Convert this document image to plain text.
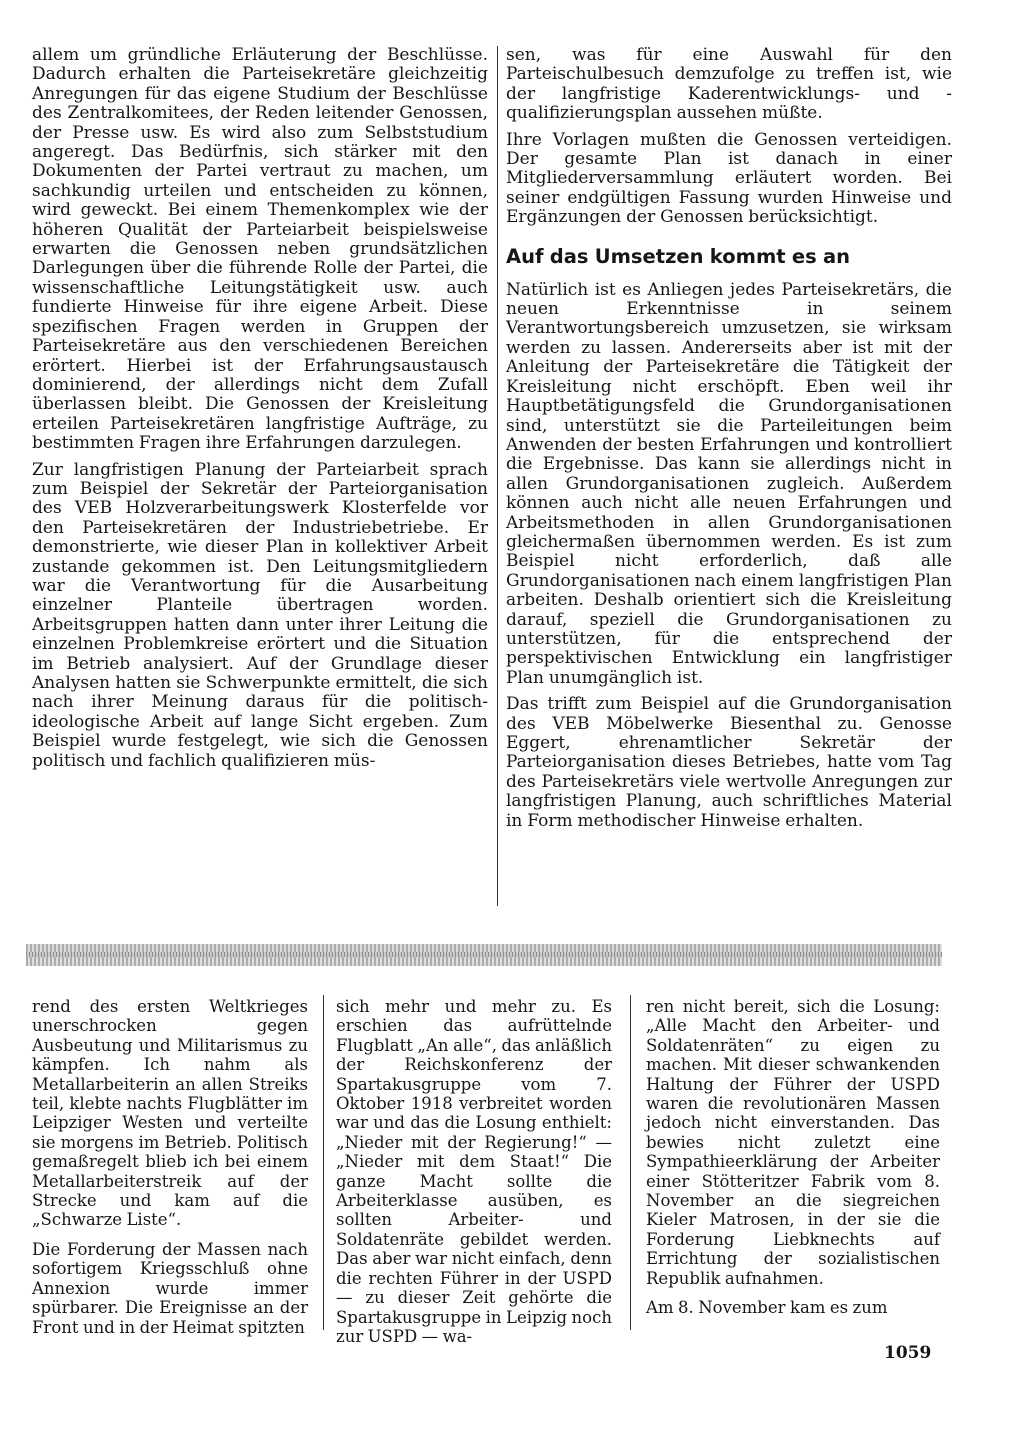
allem um gründliche Erläuterung der Beschlüsse. Dadurch erhalten die Parteisekretäre gleichzeitig Anregungen für das eigene Studium der Beschlüsse des Zentralkomitees, der Reden leitender Genossen, der Presse usw. Es wird also zum Selbststudium angeregt. Das Bedürfnis, sich stärker mit den Dokumenten der Partei vertraut zu machen, um sachkundig urteilen und entscheiden zu können, wird geweckt. Bei einem Themenkomplex wie der höheren Qualität der Parteiarbeit beispielsweise erwarten die Genossen neben grundsätzlichen Darlegungen über die führende Rolle der Partei, die wissenschaftliche Leitungstätigkeit usw. auch fundierte Hinweise für ihre eigene Arbeit. Diese spezifischen Fragen werden in Gruppen der Parteisekretäre aus den verschiedenen Bereichen erörtert. Hierbei ist der Erfahrungsaustausch dominierend, der allerdings nicht dem Zufall überlassen bleibt. Die Genossen der Kreisleitung erteilen Parteisekretären langfristige Aufträge, zu bestimmten Fragen ihre Erfahrungen darzulegen.

Zur langfristigen Planung der Parteiarbeit sprach zum Beispiel der Sekretär der Parteiorganisation des VEB Holzverarbeitungswerk Klosterfelde vor den Parteisekretären der Industriebetriebe. Er demonstrierte, wie dieser Plan in kollektiver Arbeit zustande gekommen ist. Den Leitungsmitgliedern war die Verantwortung für die Ausarbeitung einzelner Planteile übertragen worden. Arbeitsgruppen hatten dann unter ihrer Leitung die einzelnen Problemkreise erörtert und die Situation im Betrieb analysiert. Auf der Grundlage dieser Analysen hatten sie Schwerpunkte ermittelt, die sich nach ihrer Meinung daraus für die politisch-ideologische Arbeit auf lange Sicht ergeben. Zum Beispiel wurde festgelegt, wie sich die Genossen politisch und fachlich qualifizieren müs-

sen, was für eine Auswahl für den Parteischulbesuch demzufolge zu treffen ist, wie der langfristige Kaderentwicklungs- und -qualifizierungsplan aussehen müßte.

Ihre Vorlagen mußten die Genossen verteidigen. Der gesamte Plan ist danach in einer Mitgliederversammlung erläutert worden. Bei seiner endgültigen Fassung wurden Hinweise und Ergänzungen der Genossen berücksichtigt.

Auf das Umsetzen kommt es an

Natürlich ist es Anliegen jedes Parteisekretärs, die neuen Erkenntnisse in seinem Verantwortungsbereich umzusetzen, sie wirksam werden zu lassen. Andererseits aber ist mit der Anleitung der Parteisekretäre die Tätigkeit der Kreisleitung nicht erschöpft. Eben weil ihr Hauptbetätigungsfeld die Grundorganisationen sind, unterstützt sie die Parteileitungen beim Anwenden der besten Erfahrungen und kontrolliert die Ergebnisse. Das kann sie allerdings nicht in allen Grundorganisationen zugleich. Außerdem können auch nicht alle neuen Erfahrungen und Arbeitsmethoden in allen Grundorganisationen gleichermaßen übernommen werden. Es ist zum Beispiel nicht erforderlich, daß alle Grundorganisationen nach einem langfristigen Plan arbeiten. Deshalb orientiert sich die Kreisleitung darauf, speziell die Grundorganisationen zu unterstützen, für die entsprechend der perspektivischen Entwicklung ein langfristiger Plan unumgänglich ist.

Das trifft zum Beispiel auf die Grundorganisation des VEB Möbelwerke Biesenthal zu. Genosse Eggert, ehrenamtlicher Sekretär der Parteiorganisation dieses Betriebes, hatte vom Tag des Parteisekretärs viele wertvolle Anregungen zur langfristigen Planung, auch schriftliches Material in Form methodischer Hinweise erhalten.

rend des ersten Weltkrieges unerschrocken gegen Ausbeutung und Militarismus zu kämpfen. Ich nahm als Metallarbeiterin an allen Streiks teil, klebte nachts Flugblätter im Leipziger Westen und verteilte sie morgens im Betrieb. Politisch gemaßregelt blieb ich bei einem Metallarbeiterstreik auf der Strecke und kam auf die „Schwarze Liste“.

Die Forderung der Massen nach sofortigem Kriegsschluß ohne Annexion wurde immer spürbarer. Die Ereignisse an der Front und in der Heimat spitzten

sich mehr und mehr zu. Es erschien das aufrüttelnde Flugblatt „An alle“, das anläßlich der Reichskonferenz der Spartakusgruppe vom 7. Oktober 1918 verbreitet worden war und das die Losung enthielt: „Nieder mit der Regierung!“ — „Nieder mit dem Staat!“ Die ganze Macht sollte die Arbeiterklasse ausüben, es sollten Arbeiter- und Soldatenräte gebildet werden. Das aber war nicht einfach, denn die rechten Führer in der USPD — zu dieser Zeit gehörte die Spartakusgruppe in Leipzig noch zur USPD — wa-

ren nicht bereit, sich die Losung: „Alle Macht den Arbeiter- und Soldatenräten“ zu eigen zu machen. Mit dieser schwankenden Haltung der Führer der USPD waren die revolutionären Massen jedoch nicht einverstanden. Das bewies nicht zuletzt eine Sympathieerklärung der Arbeiter einer Stötteritzer Fabrik vom 8. November an die siegreichen Kieler Matrosen, in der sie die Forderung Liebknechts auf Errichtung der sozialistischen Republik aufnahmen.

Am 8. November kam es zum

1059
